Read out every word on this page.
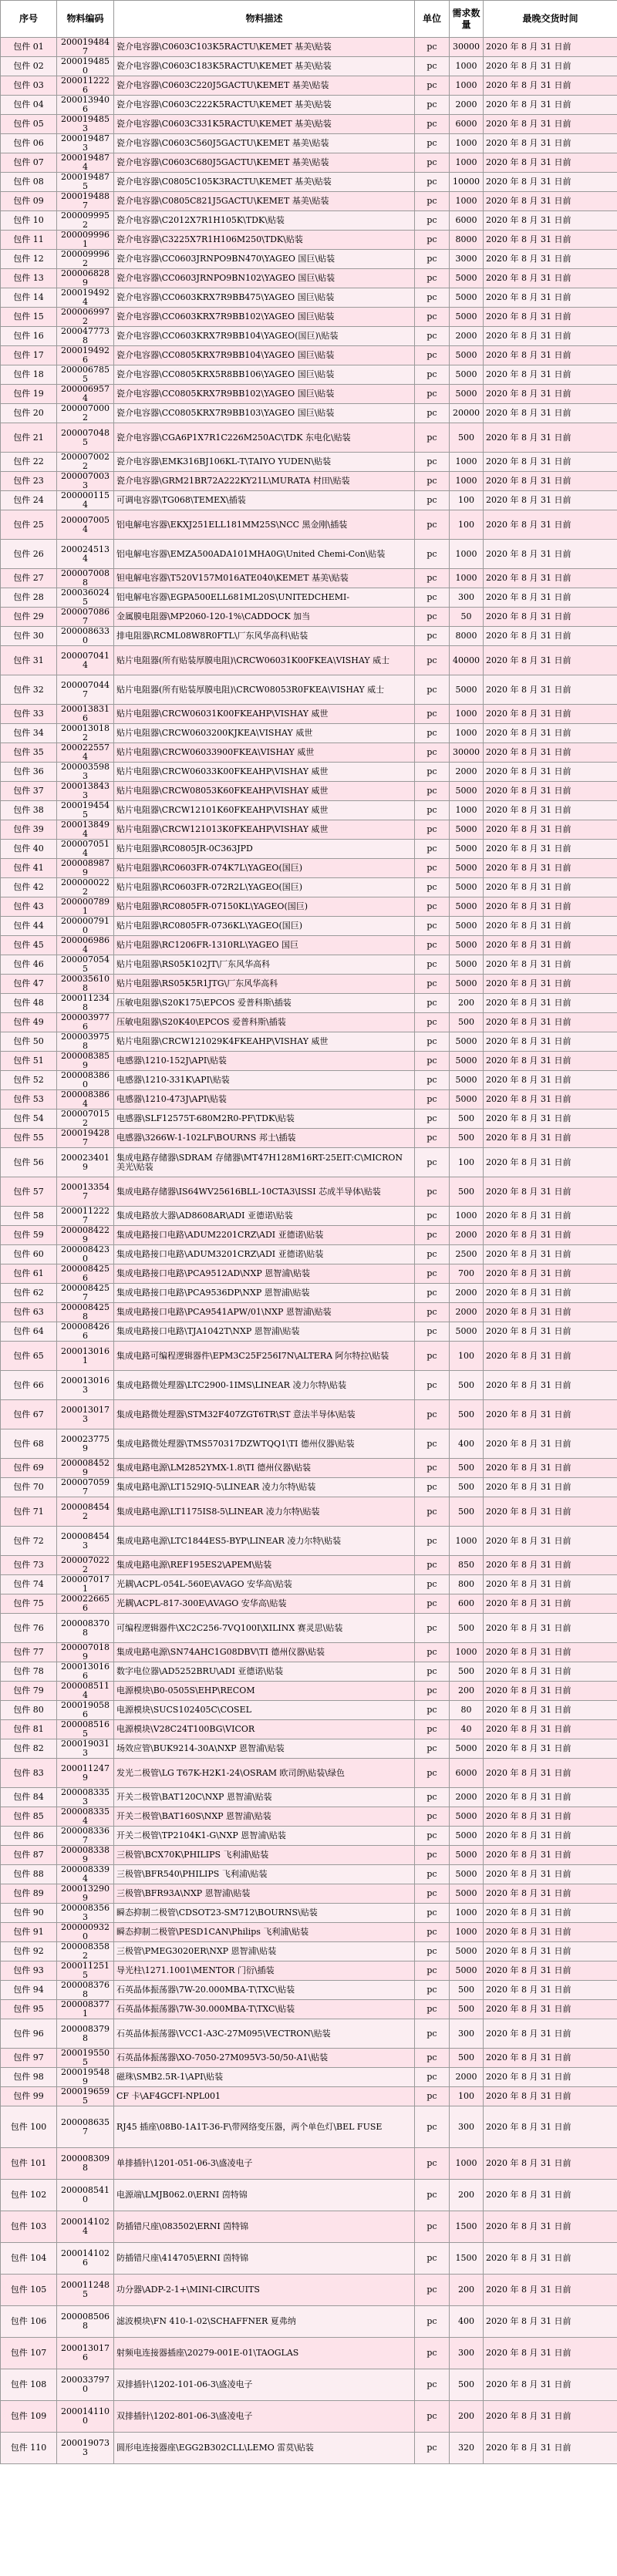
序号	物料编码	物料描述	单位	需求数量	最晚交货时间
包件 01	2000194847	瓷介电容器\C0603C103K5RACTU\KEMET 基美\贴装	pc	30000	2020 年 8 月 31 日前
包件 02	2000194850	瓷介电容器\C0603C183K5RACTU\KEMET 基美\贴装	pc	1000	2020 年 8 月 31 日前
包件 03	2000112226	瓷介电容器\C0603C220J5GACTU\KEMET 基美\贴装	pc	1000	2020 年 8 月 31 日前
包件 04	2000139406	瓷介电容器\C0603C222K5RACTU\KEMET 基美\贴装	pc	2000	2020 年 8 月 31 日前
包件 05	2000194853	瓷介电容器\C0603C331K5RACTU\KEMET 基美\贴装	pc	6000	2020 年 8 月 31 日前
包件 06	2000194873	瓷介电容器\C0603C560J5GACTU\KEMET 基美\贴装	pc	1000	2020 年 8 月 31 日前
包件 07	2000194874	瓷介电容器\C0603C680J5GACTU\KEMET 基美\贴装	pc	1000	2020 年 8 月 31 日前
包件 08	2000194875	瓷介电容器\C0805C105K3RACTU\KEMET 基美\贴装	pc	10000	2020 年 8 月 31 日前
包件 09	2000194887	瓷介电容器\C0805C821J5GACTU\KEMET 基美\贴装	pc	1000	2020 年 8 月 31 日前
包件 10	2000099952	瓷介电容器\C2012X7R1H105K\TDK\贴装	pc	6000	2020 年 8 月 31 日前
包件 11	2000099961	瓷介电容器\C3225X7R1H106M250\TDK\贴装	pc	8000	2020 年 8 月 31 日前
包件 12	2000099962	瓷介电容器\CC0603JRNPO9BN470\YAGEO 国巨\贴装	pc	3000	2020 年 8 月 31 日前
包件 13	2000068289	瓷介电容器\CC0603JRNPO9BN102\YAGEO 国巨\贴装	pc	5000	2020 年 8 月 31 日前
包件 14	2000194924	瓷介电容器\CC0603KRX7R9BB475\YAGEO 国巨\贴装	pc	5000	2020 年 8 月 31 日前
包件 15	2000069972	瓷介电容器\CC0603KRX7R9BB102\YAGEO 国巨\贴装	pc	5000	2020 年 8 月 31 日前
包件 16	2000477738	瓷介电容器\CC0603KRX7R9BB104\YAGEO(国巨)\贴装	pc	2000	2020 年 8 月 31 日前
包件 17	2000194926	瓷介电容器\CC0805KRX7R9BB104\YAGEO 国巨\贴装	pc	5000	2020 年 8 月 31 日前
包件 18	2000067855	瓷介电容器\CC0805KRX5R8BB106\YAGEO 国巨\贴装	pc	5000	2020 年 8 月 31 日前
包件 19	2000069574	瓷介电容器\CC0805KRX7R9BB102\YAGEO 国巨\贴装	pc	5000	2020 年 8 月 31 日前
包件 20	2000070002	瓷介电容器\CC0805KRX7R9BB103\YAGEO 国巨\贴装	pc	20000	2020 年 8 月 31 日前
包件 21	2000070485	瓷介电容器\CGA6P1X7R1C226M250AC\TDK 东电化\贴装	pc	500	2020 年 8 月 31 日前
包件 22	2000070022	瓷介电容器\EMK316BJ106KL-T\TAIYO YUDEN\贴装	pc	1000	2020 年 8 月 31 日前
包件 23	2000070033	瓷介电容器\GRM21BR72A222KY21L\MURATA 村田\贴装	pc	1000	2020 年 8 月 31 日前
包件 24	2000001154	可调电容器\TG068\TEMEX\插装	pc	100	2020 年 8 月 31 日前
包件 25	2000070054	铝电解电容器\EKXJ251ELL181MM25S\NCC 黑金刚\插装	pc	100	2020 年 8 月 31 日前
包件 26	2000245134	铝电解电容器\EMZA500ADA101MHA0G\United Chemi-Con\贴装	pc	1000	2020 年 8 月 31 日前
包件 27	2000070088	钽电解电容器\T520V157M016ATE040\KEMET 基美\贴装	pc	1000	2020 年 8 月 31 日前
包件 28	2000360245	铝电解电容器\EGPA500ELL681ML20S\UNITEDCHEMI-	pc	300	2020 年 8 月 31 日前
包件 29	2000070867	金属膜电阻器\MP2060-120-1%\CADDOCK 加当	pc	50	2020 年 8 月 31 日前
包件 30	2000086330	排电阻器\RCML08W8R0FTL\厂东风华高科\贴装	pc	8000	2020 年 8 月 31 日前
包件 31	2000070414	贴片电阻器(所有贴装厚膜电阻)\CRCW06031K00FKEA\VISHAY 威士	pc	40000	2020 年 8 月 31 日前
包件 32	2000070447	贴片电阻器(所有贴装厚膜电阻)\CRCW08053R0FKEA\VISHAY 威士	pc	5000	2020 年 8 月 31 日前
包件 33	2000138316	贴片电阻器\CRCW06031K00FKEAHP\VISHAY 威世	pc	1000	2020 年 8 月 31 日前
包件 34	2000130182	贴片电阻器\CRCW0603200KJKEA\VISHAY 威世	pc	1000	2020 年 8 月 31 日前
包件 35	2000225574	贴片电阻器\CRCW06033900FKEA\VISHAY 威世	pc	30000	2020 年 8 月 31 日前
包件 36	2000035983	贴片电阻器\CRCW06033K00FKEAHP\VISHAY 威世	pc	2000	2020 年 8 月 31 日前
包件 37	2000138433	贴片电阻器\CRCW08053K60FKEAHP\VISHAY 威世	pc	5000	2020 年 8 月 31 日前
包件 38	2000194545	贴片电阻器\CRCW12101K60FKEAHP\VISHAY 威世	pc	1000	2020 年 8 月 31 日前
包件 39	2000138494	贴片电阻器\CRCW121013K0FKEAHP\VISHAY 威世	pc	5000	2020 年 8 月 31 日前
包件 40	2000070514	贴片电阻器\RC0805JR-0C363JPD	pc	5000	2020 年 8 月 31 日前
包件 41	2000089879	贴片电阻器\RC0603FR-074K7L\YAGEO(国巨)	pc	5000	2020 年 8 月 31 日前
包件 42	2000000222	贴片电阻器\RC0603FR-072R2L\YAGEO(国巨)	pc	5000	2020 年 8 月 31 日前
包件 43	2000007891	贴片电阻器\RC0805FR-07150KL\YAGEO(国巨)	pc	5000	2020 年 8 月 31 日前
包件 44	2000007910	贴片电阻器\RC0805FR-0736KL\YAGEO(国巨)	pc	5000	2020 年 8 月 31 日前
包件 45	2000069864	贴片电阻器\RC1206FR-1310RL\YAGEO 国巨	pc	5000	2020 年 8 月 31 日前
包件 46	2000070545	贴片电阻器\RS05K102JT\厂东风华高科	pc	5000	2020 年 8 月 31 日前
包件 47	2000356108	贴片电阻器\RS05K5R1JTG\厂东风华高科	pc	5000	2020 年 8 月 31 日前
包件 48	2000112348	压敏电阻器\S20K175\EPCOS 爱普科斯\插装	pc	200	2020 年 8 月 31 日前
包件 49	2000039776	压敏电阻器\S20K40\EPCOS 爱普科斯\插装	pc	500	2020 年 8 月 31 日前
包件 50	2000039758	贴片电阻器\CRCW121029K4FKEAHP\VISHAY 威世	pc	5000	2020 年 8 月 31 日前
包件 51	2000083859	电感器\1210-152J\API\贴装	pc	5000	2020 年 8 月 31 日前
包件 52	2000083860	电感器\1210-331K\API\贴装	pc	5000	2020 年 8 月 31 日前
包件 53	2000083864	电感器\1210-473J\API\贴装	pc	5000	2020 年 8 月 31 日前
包件 54	2000070152	电感器\SLF12575T-680M2R0-PF\TDK\贴装	pc	500	2020 年 8 月 31 日前
包件 55	2000194287	电感器\3266W-1-102LF\BOURNS 邦士\插装	pc	500	2020 年 8 月 31 日前
包件 56	2000234019	集成电路存储器\SDRAM 存储器\MT47H128M16RT-25EIT:C\MICRON 美光\贴装	pc	100	2020 年 8 月 31 日前
包件 57	2000133547	集成电路存储器\IS64WV25616BLL-10CTA3\ISSI 芯成半导体\贴装	pc	500	2020 年 8 月 31 日前
包件 58	2000112227	集成电路放大器\AD8608AR\ADI 亚德诺\贴装	pc	1000	2020 年 8 月 31 日前
包件 59	2000084229	集成电路接口电路\ADUM2201CRZ\ADI 亚德诺\贴装	pc	2000	2020 年 8 月 31 日前
包件 60	2000084230	集成电路接口电路\ADUM3201CRZ\ADI 亚德诺\贴装	pc	2500	2020 年 8 月 31 日前
包件 61	2000084256	集成电路接口电路\PCA9512AD\NXP 恩智浦\贴装	pc	700	2020 年 8 月 31 日前
包件 62	2000084257	集成电路接口电路\PCA9536DP\NXP 恩智浦\贴装	pc	2000	2020 年 8 月 31 日前
包件 63	2000084258	集成电路接口电路\PCA9541APW/01\NXP 恩智浦\贴装	pc	2000	2020 年 8 月 31 日前
包件 64	2000084266	集成电路接口电路\TJA1042T\NXP 恩智浦\贴装	pc	5000	2020 年 8 月 31 日前
包件 65	2000130161	集成电路可编程逻辑器件\EPM3C25F256I7N\ALTERA 阿尔特拉\贴装	pc	100	2020 年 8 月 31 日前
包件 66	2000130163	集成电路微处理器\LTC2900-1IMS\LINEAR 凌力尔特\贴装	pc	500	2020 年 8 月 31 日前
包件 67	2000130173	集成电路微处理器\STM32F407ZGT6TR\ST 意法半导体\贴装	pc	500	2020 年 8 月 31 日前
包件 68	2000237759	集成电路微处理器\TMS570317DZWTQQ1\TI 德州仪器\贴装	pc	400	2020 年 8 月 31 日前
包件 69	2000084529	集成电路电源\LM2852YMX-1.8\TI 德州仪器\贴装	pc	500	2020 年 8 月 31 日前
包件 70	2000070597	集成电路电源\LT1529IQ-5\LINEAR 凌力尔特\贴装	pc	500	2020 年 8 月 31 日前
包件 71	2000084542	集成电路电源\LT1175IS8-5\LINEAR 凌力尔特\贴装	pc	500	2020 年 8 月 31 日前
包件 72	2000084543	集成电路电源\LTC1844ES5-BYP\LINEAR 凌力尔特\贴装	pc	1000	2020 年 8 月 31 日前
包件 73	2000070222	集成电路电源\REF195ES2\APEM\贴装	pc	850	2020 年 8 月 31 日前
包件 74	2000070171	光耦\ACPL-054L-560E\AVAGO 安华高\贴装	pc	800	2020 年 8 月 31 日前
包件 75	2000226656	光耦\ACPL-817-300E\AVAGO 安华高\贴装	pc	600	2020 年 8 月 31 日前
包件 76	2000083708	可编程逻辑器件\XC2C256-7VQ100I\XILINX 赛灵思\贴装	pc	500	2020 年 8 月 31 日前
包件 77	2000070189	集成电路电源\SN74AHC1G08DBV\TI 德州仪器\贴装	pc	1000	2020 年 8 月 31 日前
包件 78	2000130166	数字电位器\AD5252BRU\ADI 亚德诺\贴装	pc	500	2020 年 8 月 31 日前
包件 79	2000085114	电源模块\B0-0505S\EHP\RECOM	pc	200	2020 年 8 月 31 日前
包件 80	2000190586	电源模块\SUCS102405C\COSEL	pc	80	2020 年 8 月 31 日前
包件 81	2000085165	电源模块\V28C24T100BG\VICOR	pc	40	2020 年 8 月 31 日前
包件 82	2000190313	场效应管\BUK9214-30A\NXP 恩智浦\贴装	pc	5000	2020 年 8 月 31 日前
包件 83	2000112479	发光二极管\LG T67K-H2K1-24\OSRAM 欧司朗\贴装\绿色	pc	6000	2020 年 8 月 31 日前
包件 84	2000083353	开关二极管\BAT120C\NXP 恩智浦\贴装	pc	2000	2020 年 8 月 31 日前
包件 85	2000083354	开关二极管\BAT160S\NXP 恩智浦\贴装	pc	5000	2020 年 8 月 31 日前
包件 86	2000083367	开关二极管\TP2104K1-G\NXP 恩智浦\贴装	pc	5000	2020 年 8 月 31 日前
包件 87	2000083389	三极管\BCX70K\PHILIPS 飞利浦\贴装	pc	5000	2020 年 8 月 31 日前
包件 88	2000083394	三极管\BFR540\PHILIPS 飞利浦\贴装	pc	5000	2020 年 8 月 31 日前
包件 89	2000132909	三极管\BFR93A\NXP 恩智浦\贴装	pc	5000	2020 年 8 月 31 日前
包件 90	2000083563	瞬态抑制二极管\CDSOT23-SM712\BOURNS\贴装	pc	1000	2020 年 8 月 31 日前
包件 91	2000009320	瞬态抑制二极管\PESD1CAN\Philips 飞利浦\贴装	pc	1000	2020 年 8 月 31 日前
包件 92	2000083582	三极管\PMEG3020ER\NXP 恩智浦\贴装	pc	5000	2020 年 8 月 31 日前
包件 93	2000112515	导光柱\1271.1001\MENTOR 门衍\插装	pc	5000	2020 年 8 月 31 日前
包件 94	2000083768	石英晶体振荡器\7W-20.000MBA-T\TXC\贴装	pc	500	2020 年 8 月 31 日前
包件 95	2000083771	石英晶体振荡器\7W-30.000MBA-T\TXC\贴装	pc	500	2020 年 8 月 31 日前
包件 96	2000083798	石英晶体振荡器\VCC1-A3C-27M095\VECTRON\贴装	pc	300	2020 年 8 月 31 日前
包件 97	2000195505	石英晶体振荡器\XO-7050-27M095V3-50/50-A1\贴装	pc	500	2020 年 8 月 31 日前
包件 98	2000195489	磁珠\SMB2.5R-1\API\贴装	pc	2000	2020 年 8 月 31 日前
包件 99	2000196595	CF 卡\AF4GCFI-NPL001	pc	100	2020 年 8 月 31 日前
包件 100	2000086357	RJ45 插座\08B0-1A1T-36-F\带网络变压器，两个单色灯\BEL FUSE	pc	300	2020 年 8 月 31 日前
包件 101	2000083098	单排插针\1201-051-06-3\盛凌电子	pc	1000	2020 年 8 月 31 日前
包件 102	2000085410	电源端\LMJB062.0\ERNI 茵特锦	pc	200	2020 年 8 月 31 日前
包件 103	2000141024	防插错尺座\083502\ERNI 茵特锦	pc	1500	2020 年 8 月 31 日前
包件 104	2000141026	防插错尺座\414705\ERNI 茵特锦	pc	1500	2020 年 8 月 31 日前
包件 105	2000112485	功分器\ADP-2-1+\MINI-CIRCUITS	pc	200	2020 年 8 月 31 日前
包件 106	2000085068	滤波模块\FN 410-1-02\SCHAFFNER 夏弗纳	pc	400	2020 年 8 月 31 日前
包件 107	2000130176	射频电连接器插座\20279-001E-01\TAOGLAS	pc	300	2020 年 8 月 31 日前
包件 108	2000337970	双排插针\1202-101-06-3\盛凌电子	pc	500	2020 年 8 月 31 日前
包件 109	2000141100	双排插针\1202-801-06-3\盛凌电子	pc	200	2020 年 8 月 31 日前
包件 110	2000190733	圆形电连接器座\EGG2B302CLL\LEMO 雷莫\贴装	pc	320	2020 年 8 月 31 日前
